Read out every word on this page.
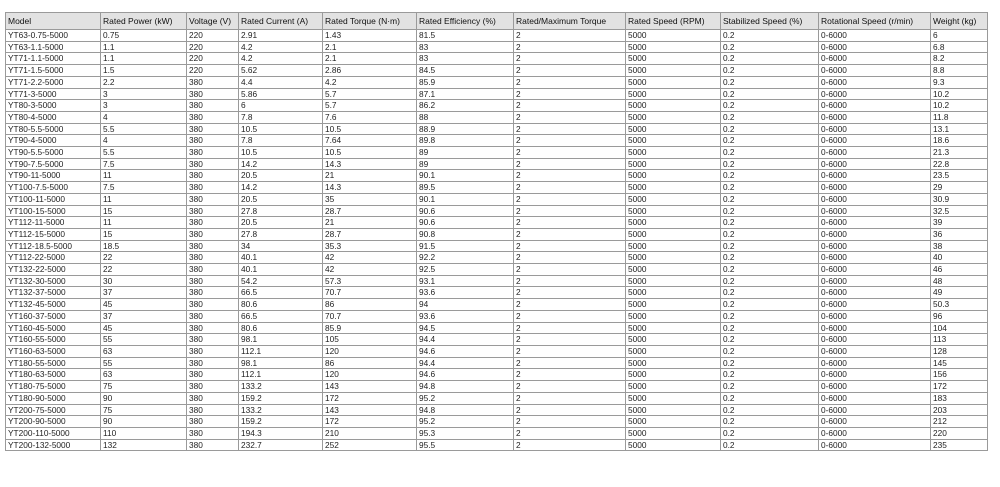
Model	Rated Power (kW)	Voltage (V)	Rated Current (A)	Rated Torque (N·m)	Rated Efficiency (%)	Rated/Maximum Torque	Rated Speed (RPM)	Stabilized Speed (%)	Rotational Speed (r/min)	Weight (kg)
YT63-0.75-5000	0.75	220	2.91	1.43	81.5	2	5000	0.2	0-6000	6
YT63-1.1-5000	1.1	220	4.2	2.1	83	2	5000	0.2	0-6000	6.8
YT71-1.1-5000	1.1	220	4.2	2.1	83	2	5000	0.2	0-6000	8.2
YT71-1.5-5000	1.5	220	5.62	2.86	84.5	2	5000	0.2	0-6000	8.8
YT71-2.2-5000	2.2	380	4.4	4.2	85.9	2	5000	0.2	0-6000	9.3
YT71-3-5000	3	380	5.86	5.7	87.1	2	5000	0.2	0-6000	10.2
YT80-3-5000	3	380	6	5.7	86.2	2	5000	0.2	0-6000	10.2
YT80-4-5000	4	380	7.8	7.6	88	2	5000	0.2	0-6000	11.8
YT80-5.5-5000	5.5	380	10.5	10.5	88.9	2	5000	0.2	0-6000	13.1
YT90-4-5000	4	380	7.8	7.64	89.8	2	5000	0.2	0-6000	18.6
YT90-5.5-5000	5.5	380	10.5	10.5	89	2	5000	0.2	0-6000	21.3
YT90-7.5-5000	7.5	380	14.2	14.3	89	2	5000	0.2	0-6000	22.8
YT90-11-5000	11	380	20.5	21	90.1	2	5000	0.2	0-6000	23.5
YT100-7.5-5000	7.5	380	14.2	14.3	89.5	2	5000	0.2	0-6000	29
YT100-11-5000	11	380	20.5	35	90.1	2	5000	0.2	0-6000	30.9
YT100-15-5000	15	380	27.8	28.7	90.6	2	5000	0.2	0-6000	32.5
YT112-11-5000	11	380	20.5	21	90.6	2	5000	0.2	0-6000	39
YT112-15-5000	15	380	27.8	28.7	90.8	2	5000	0.2	0-6000	36
YT112-18.5-5000	18.5	380	34	35.3	91.5	2	5000	0.2	0-6000	38
YT112-22-5000	22	380	40.1	42	92.2	2	5000	0.2	0-6000	40
YT132-22-5000	22	380	40.1	42	92.5	2	5000	0.2	0-6000	46
YT132-30-5000	30	380	54.2	57.3	93.1	2	5000	0.2	0-6000	48
YT132-37-5000	37	380	66.5	70.7	93.6	2	5000	0.2	0-6000	49
YT132-45-5000	45	380	80.6	86	94	2	5000	0.2	0-6000	50.3
YT160-37-5000	37	380	66.5	70.7	93.6	2	5000	0.2	0-6000	96
YT160-45-5000	45	380	80.6	85.9	94.5	2	5000	0.2	0-6000	104
YT160-55-5000	55	380	98.1	105	94.4	2	5000	0.2	0-6000	113
YT160-63-5000	63	380	112.1	120	94.6	2	5000	0.2	0-6000	128
YT180-55-5000	55	380	98.1	86	94.4	2	5000	0.2	0-6000	145
YT180-63-5000	63	380	112.1	120	94.6	2	5000	0.2	0-6000	156
YT180-75-5000	75	380	133.2	143	94.8	2	5000	0.2	0-6000	172
YT180-90-5000	90	380	159.2	172	95.2	2	5000	0.2	0-6000	183
YT200-75-5000	75	380	133.2	143	94.8	2	5000	0.2	0-6000	203
YT200-90-5000	90	380	159.2	172	95.2	2	5000	0.2	0-6000	212
YT200-110-5000	110	380	194.3	210	95.3	2	5000	0.2	0-6000	220
YT200-132-5000	132	380	232.7	252	95.5	2	5000	0.2	0-6000	235
